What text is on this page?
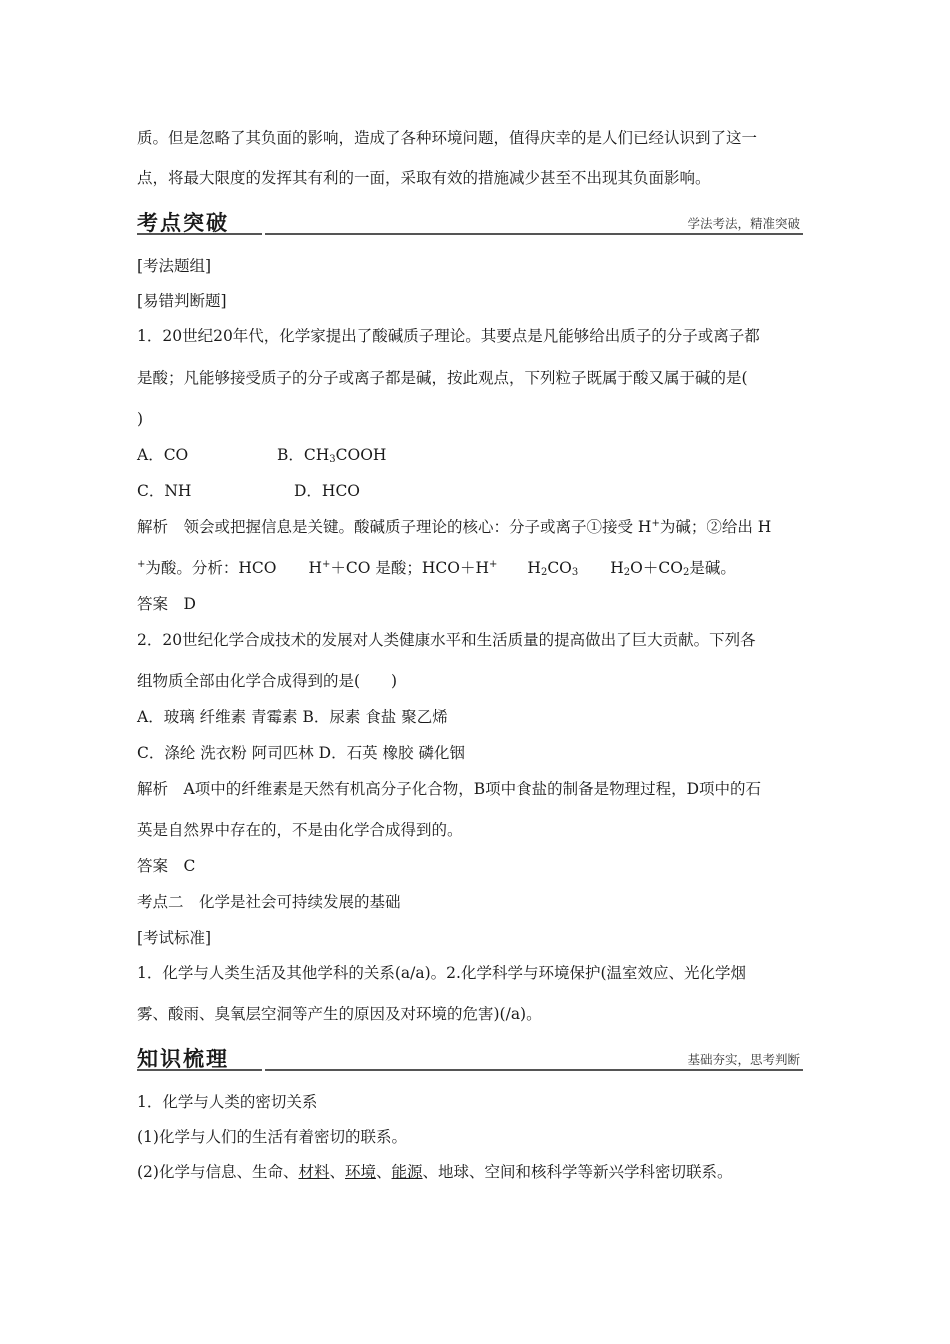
质。但是忽略了其负面的影响，造成了各种环境问题，值得庆幸的是人们已经认识到了这一
点，将最大限度的发挥其有利的一面，采取有效的措施减少甚至不出现其负面影响。
考点突破	学法考法，精准突破
[考法题组]
[易错判断题]
1．20世纪20年代，化学家提出了酸碱质子理论。其要点是凡能够给出质子的分子或离子都
是酸；凡能够接受质子的分子或离子都是碱，按此观点，下列粒子既属于酸又属于碱的是(
)
A．CO	B．$CH_3COOH$
C．NH	D．HCO
解析　领会或把握信息是关键。酸碱质子理论的核心：分子或离子①接受 H+为碱；②给出 H
+为酸。分析：HCO H+＋CO 是酸；HCO＋H+ $H_2CO_3$ $H_2O+CO_2$是碱。
答案　D
2．20世纪化学合成技术的发展对人类健康水平和生活质量的提高做出了巨大贡献。下列各
组物质全部由化学合成得到的是(　　)
A．玻璃 纤维素 青霉素 B．尿素 食盐 聚乙烯
C．涤纶 洗衣粉 阿司匹林 D．石英 橡胶 磷化铟
解析　A项中的纤维素是天然有机高分子化合物，B项中食盐的制备是物理过程，D项中的石
英是自然界中存在的，不是由化学合成得到的。
答案　C
考点二　化学是社会可持续发展的基础
[考试标准]
1．化学与人类生活及其他学科的关系(a/a)。2.化学科学与环境保护(温室效应、光化学烟
雾、酸雨、臭氧层空洞等产生的原因及对环境的危害)(/a)。
知识梳理	基础夯实，思考判断
1．化学与人类的密切关系
(1)化学与人们的生活有着密切的联系。
(2)化学与信息、生命、材料、环境、能源、地球、空间和核科学等新兴学科密切联系。
